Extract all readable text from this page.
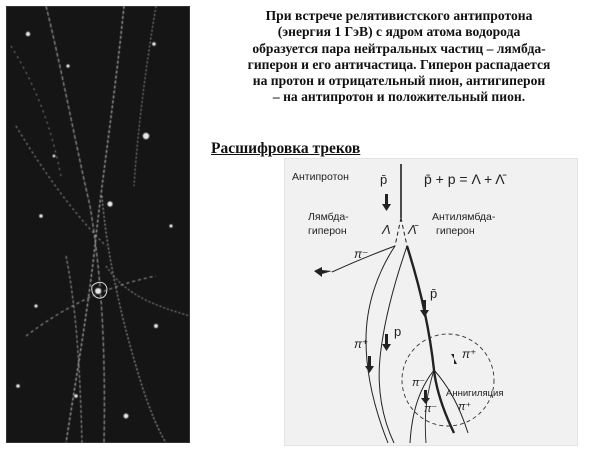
При встрече релятивистского антипротона
(энергия 1 ГэВ) с ядром атома водорода
образуется пара нейтральных частиц – лямбда-
гиперон и его античастица. Гиперон распадается
на протон и отрицательный пион, антигиперон
– на антипротон и положительный пион.

Расшифровка треков

Антипротон p̄	p̄ + p = Λ + Λ̄
Лямбда-
гиперон
Антилямбда-
гиперон
Λ Λ̄
π⁻
p̄
p
π⁺
π⁺
π⁻
Аннигиляция
π⁺
π⁻
